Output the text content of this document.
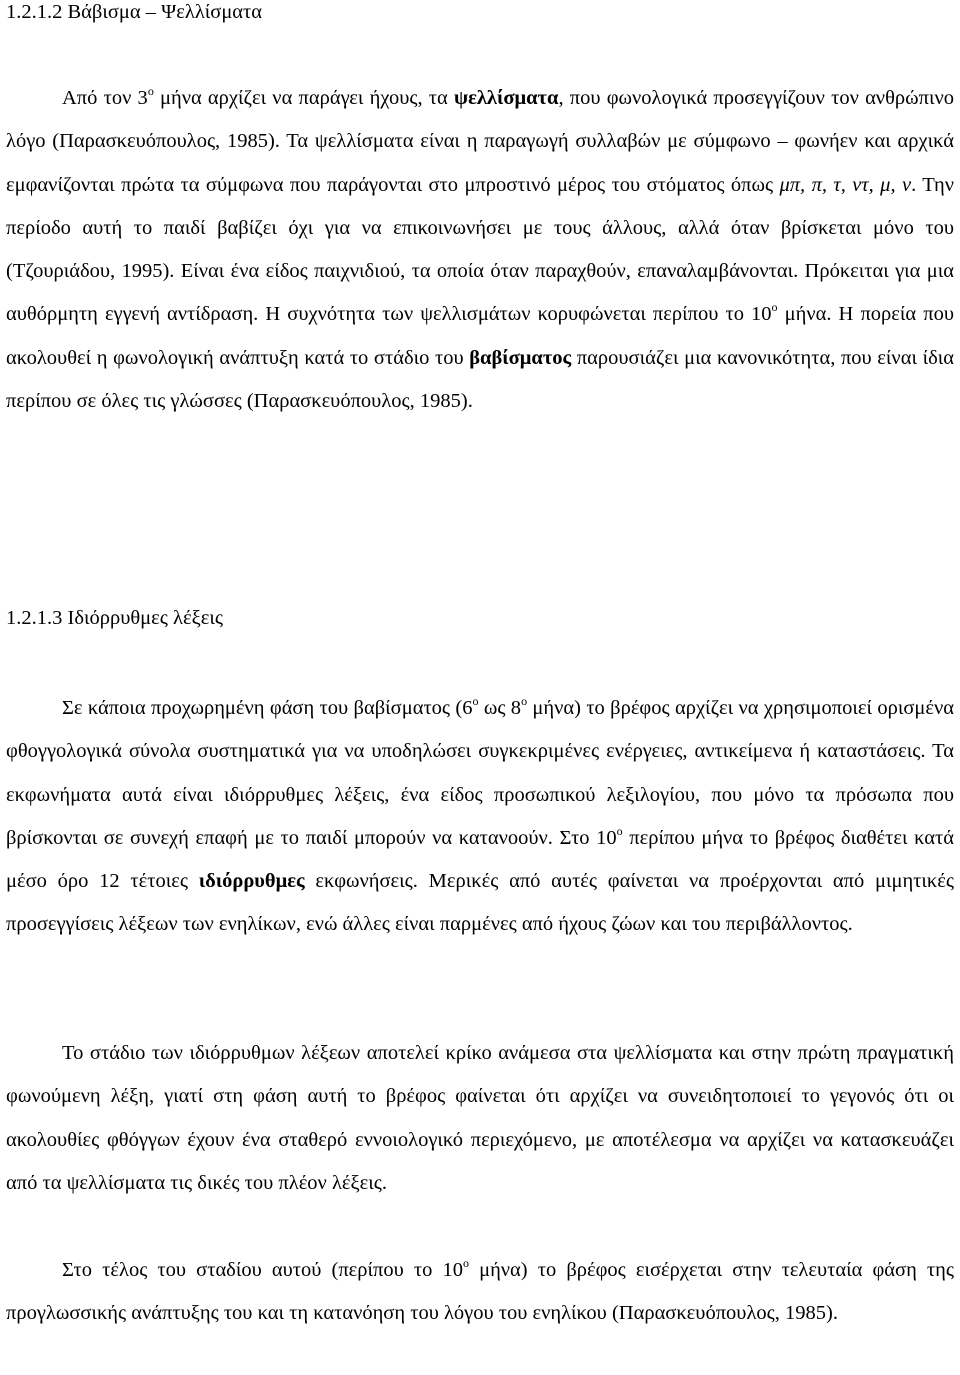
1.2.1.2 Βάβισμα – Ψελλίσματα

Από τον $3^o$ μήνα αρχίζει να παράγει ήχους, τα ψελλίσματα, που φωνολογικά προσεγγίζουν τον ανθρώπινο λόγο (Παρασκευόπουλος, 1985). Τα ψελλίσματα είναι η παραγωγή συλλαβών με σύμφωνο – φωνήεν και αρχικά εμφανίζονται πρώτα τα σύμφωνα που παράγονται στο μπροστινό μέρος του στόματος όπως μπ, π, τ, ντ, μ, ν. Την περίοδο αυτή το παιδί βαβίζει όχι για να επικοινωνήσει με τους άλλους, αλλά όταν βρίσκεται μόνο του (Τζουριάδου, 1995). Είναι ένα είδος παιχνιδιού, τα οποία όταν παραχθούν, επαναλαμβάνονται. Πρόκειται για μια αυθόρμητη εγγενή αντίδραση. Η συχνότητα των ψελλισμάτων κορυφώνεται περίπου το $10^o$ μήνα. Η πορεία που ακολουθεί η φωνολογική ανάπτυξη κατά το στάδιο του βαβίσματος παρουσιάζει μια κανονικότητα, που είναι ίδια περίπου σε όλες τις γλώσσες (Παρασκευόπουλος, 1985).

1.2.1.3 Ιδιόρρυθμες λέξεις

Σε κάποια προχωρημένη φάση του βαβίσματος ($6^o$ ως $8^o$ μήνα) το βρέφος αρχίζει να χρησιμοποιεί ορισμένα φθογγολογικά σύνολα συστηματικά για να υποδηλώσει συγκεκριμένες ενέργειες, αντικείμενα ή καταστάσεις. Τα εκφωνήματα αυτά είναι ιδιόρρυθμες λέξεις, ένα είδος προσωπικού λεξιλογίου, που μόνο τα πρόσωπα που βρίσκονται σε συνεχή επαφή με το παιδί μπορούν να κατανοούν. Στο $10^o$ περίπου μήνα το βρέφος διαθέτει κατά μέσο όρο 12 τέτοιες ιδιόρρυθμες εκφωνήσεις. Μερικές από αυτές φαίνεται να προέρχονται από μιμητικές προσεγγίσεις λέξεων των ενηλίκων, ενώ άλλες είναι παρμένες από ήχους ζώων και του περιβάλλοντος.

Το στάδιο των ιδιόρρυθμων λέξεων αποτελεί κρίκο ανάμεσα στα ψελλίσματα και στην πρώτη πραγματική φωνούμενη λέξη, γιατί στη φάση αυτή το βρέφος φαίνεται ότι αρχίζει να συνειδητοποιεί το γεγονός ότι οι ακολουθίες φθόγγων έχουν ένα σταθερό εννοιολογικό περιεχόμενο, με αποτέλεσμα να αρχίζει να κατασκευάζει από τα ψελλίσματα τις δικές του πλέον λέξεις.

Στο τέλος του σταδίου αυτού (περίπου το $10^o$ μήνα) το βρέφος εισέρχεται στην τελευταία φάση της προγλωσσικής ανάπτυξης του και τη κατανόηση του λόγου του ενηλίκου (Παρασκευόπουλος, 1985).
